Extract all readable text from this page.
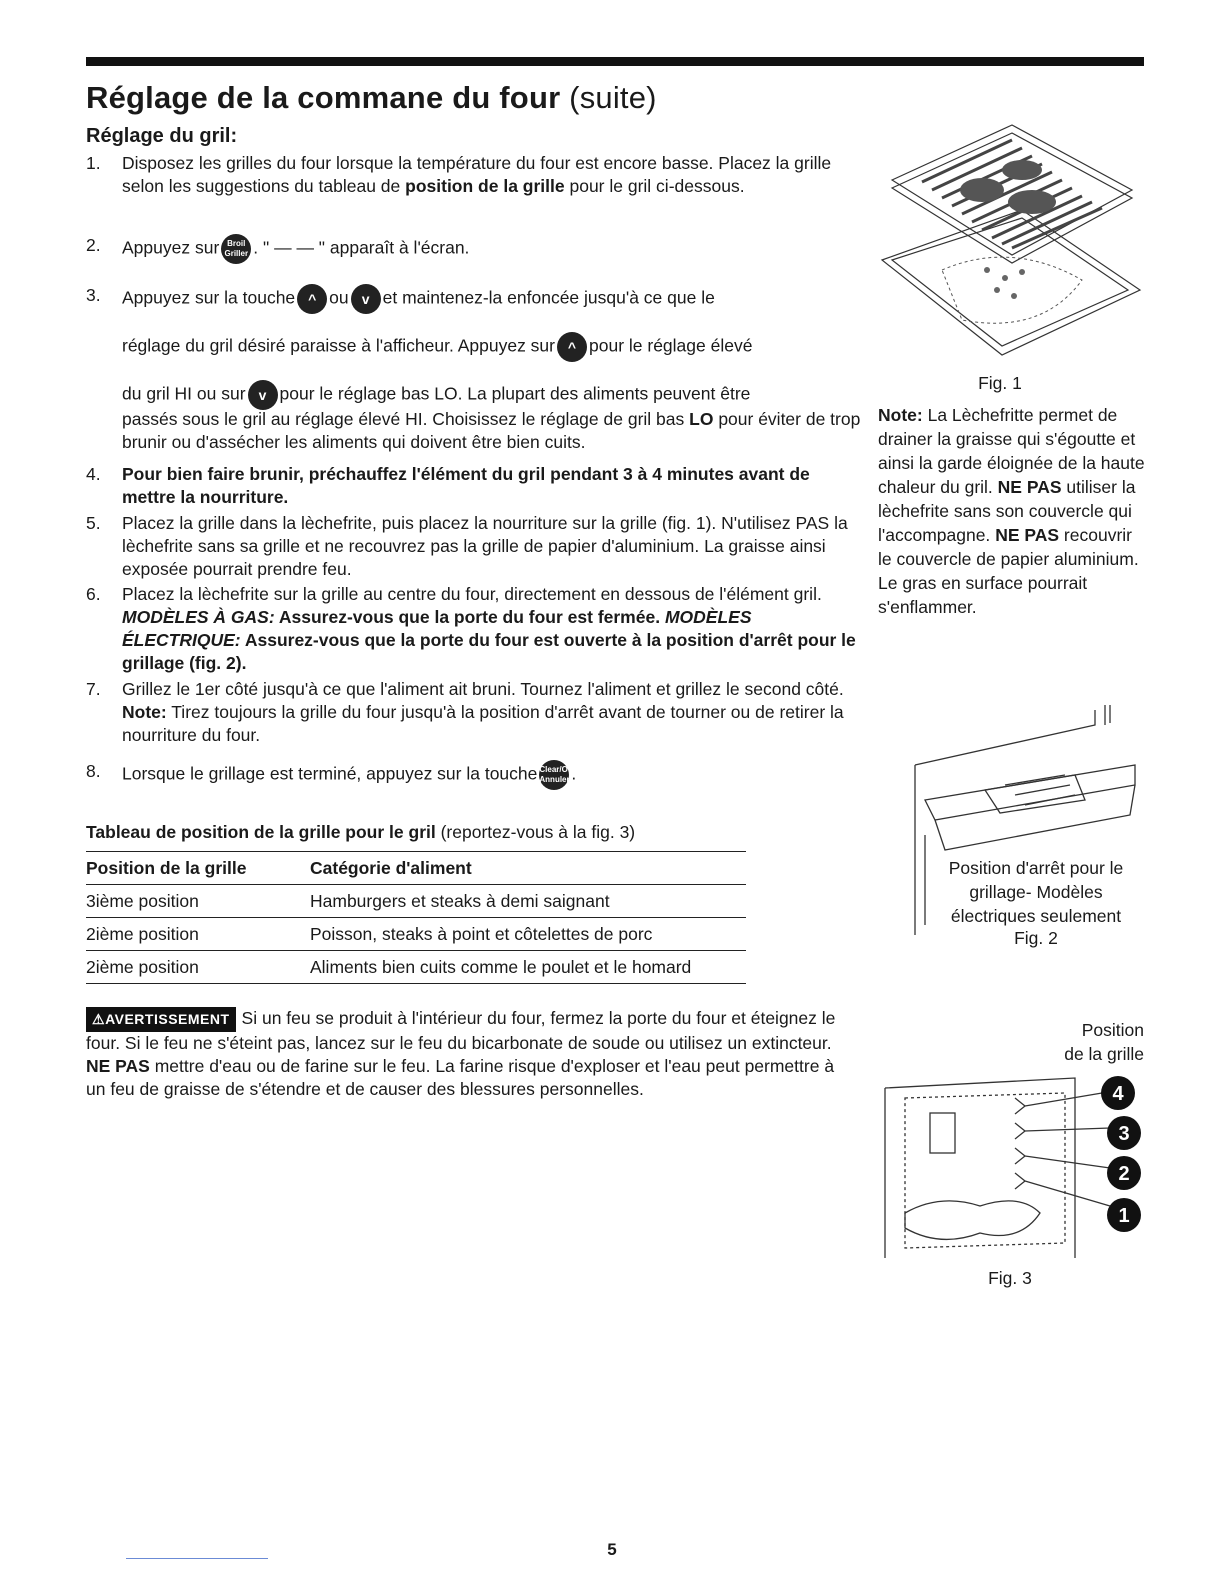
Réglage de la commane du four (suite)
Réglage du gril:
1. Disposez les grilles du four lorsque la température du four est encore basse. Placez la grille selon les suggestions du tableau de position de la grille pour le gril ci-dessous.
2. Appuyez sur Broil Griller . " — — " apparaît à l'écran.
3. Appuyez sur la touche ^ ou v et maintenez-la enfoncée jusqu'à ce que le
réglage du gril désiré paraisse à l'afficheur. Appuyez sur ^ pour le réglage élevé
du gril HI ou sur v pour le réglage bas LO. La plupart des aliments peuvent être
passés sous le gril au réglage élevé HI. Choisissez le réglage de gril bas LO pour éviter de trop brunir ou d'assécher les aliments qui doivent être bien cuits.
4. Pour bien faire brunir, préchauffez l'élément du gril pendant 3 à 4 minutes avant de mettre la nourriture.
5. Placez la grille dans la lèchefrite, puis placez la nourriture sur la grille (fig. 1). N'utilisez PAS la lèchefrite sans sa grille et ne recouvrez pas la grille de papier d'aluminium. La graisse ainsi exposée pourrait prendre feu.
6. Placez la lèchefrite sur la grille au centre du four, directement en dessous de l'élément gril. MODÈLES À GAS: Assurez-vous que la porte du four est fermée. MODÈLES ÉLECTRIQUE: Assurez-vous que la porte du four est ouverte à la position d'arrêt pour le grillage (fig. 2).
7. Grillez le 1er côté jusqu'à ce que l'aliment ait bruni. Tournez l'aliment et grillez le second côté. Note: Tirez toujours la grille du four jusqu'à la position d'arrêt avant de tourner ou de retirer la nourriture du four.
8. Lorsque le grillage est terminé, appuyez sur la touche Clear/Off Annuler .
Tableau de position de la grille pour le gril (reportez-vous à la fig. 3)
Position de la grille	Catégorie d'aliment
3ième position	Hamburgers et steaks à demi saignant
2ième position	Poisson, steaks à point et côtelettes de porc
2ième position	Aliments bien cuits comme le poulet et le homard
⚠AVERTISSEMENT Si un feu se produit à l'intérieur du four, fermez la porte du four et éteignez le four. Si le feu ne s'éteint pas, lancez sur le feu du bicarbonate de soude ou utilisez un extincteur. NE PAS mettre d'eau ou de farine sur le feu. La farine risque d'exploser et l'eau peut permettre à un feu de graisse de s'étendre et de causer des blessures personnelles.
Fig. 1
Note: La Lèchefritte permet de drainer la graisse qui s'égoutte et ainsi la garde éloignée de la haute chaleur du gril. NE PAS utiliser la lèchefrite sans son couvercle qui l'accompagne. NE PAS recouvrir le couvercle de papier aluminium. Le gras en surface pourrait s'enflammer.
Position d'arrêt pour le grillage- Modèles électriques seulement
Fig. 2
Position
de la grille
4
3
2
1
Fig. 3
5
